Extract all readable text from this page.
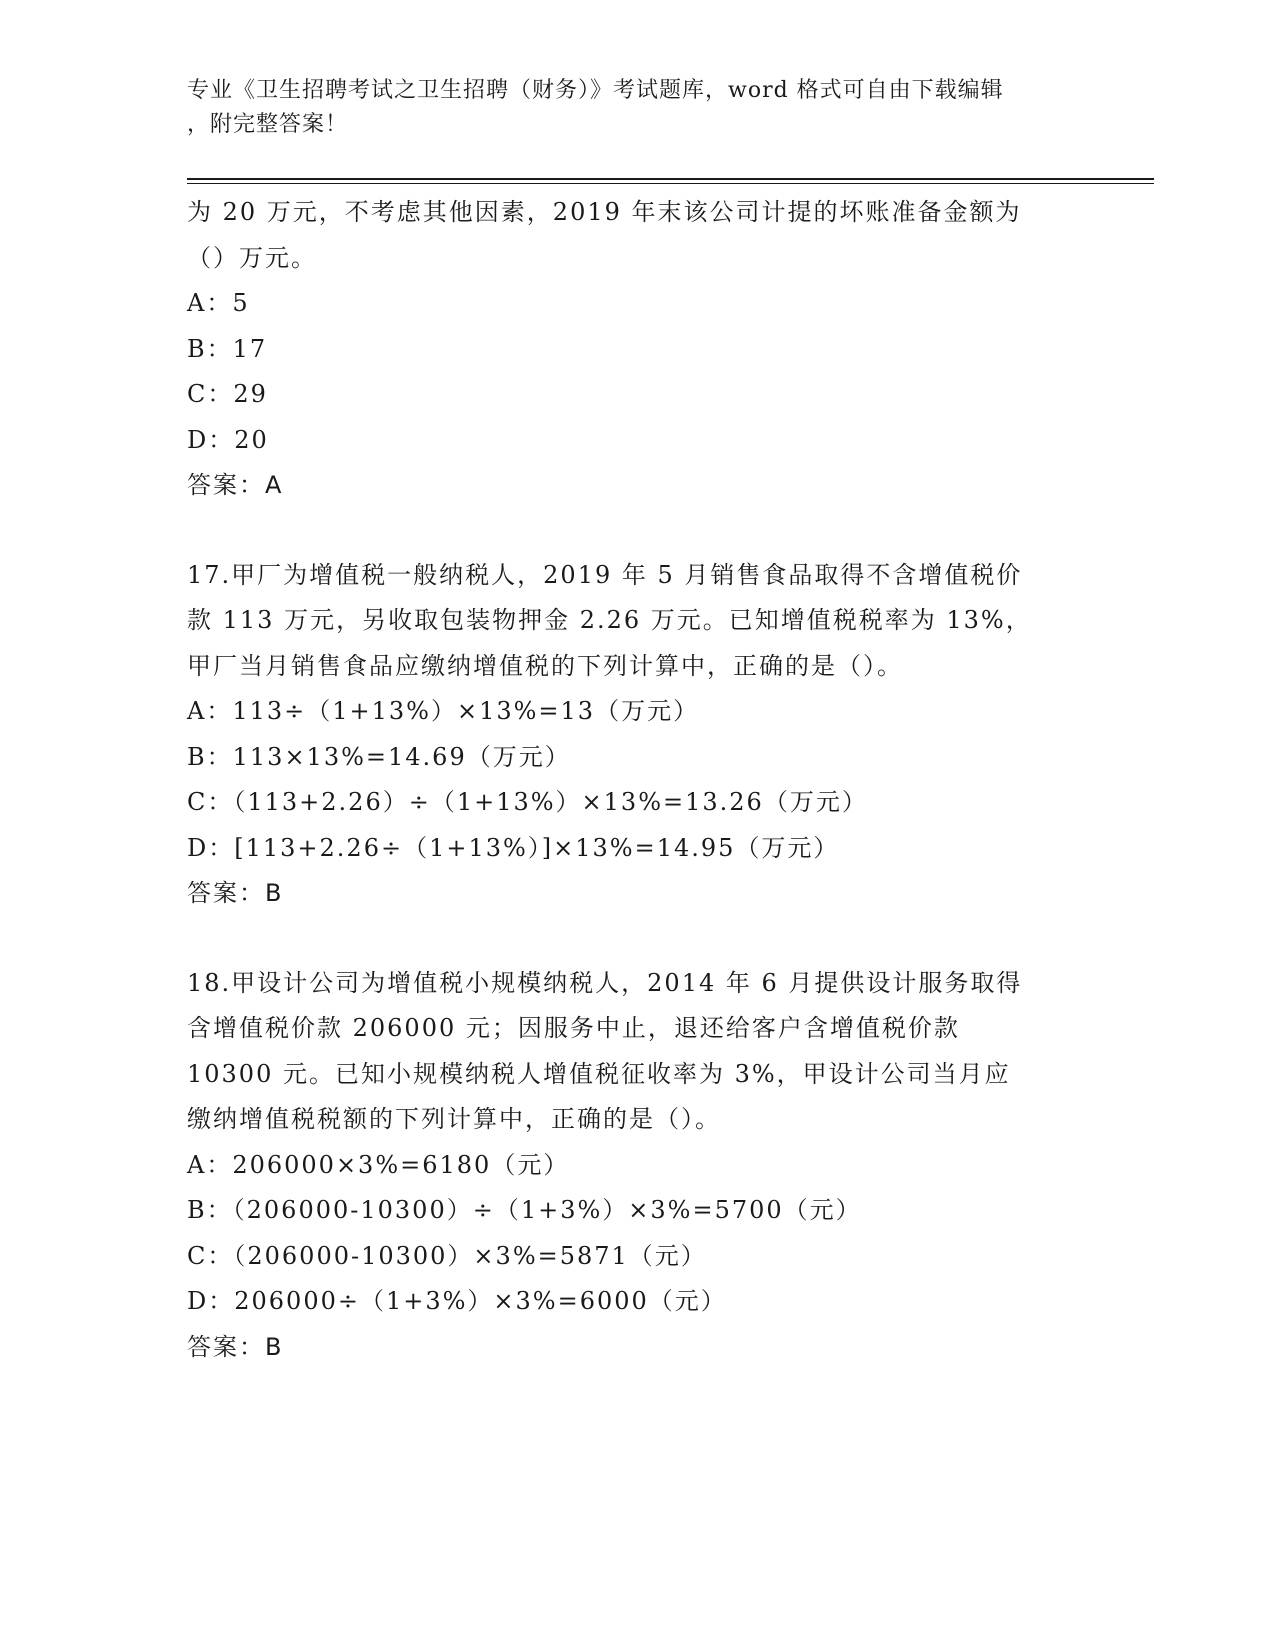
专业《卫生招聘考试之卫生招聘（财务）》考试题库，word 格式可自由下载编辑
，附完整答案！
为 20 万元，不考虑其他因素，2019 年末该公司计提的坏账准备金额为
（）万元。
A：5
B：17
C：29
D：20
答案：A
17.甲厂为增值税一般纳税人，2019 年 5 月销售食品取得不含增值税价
款 113 万元，另收取包装物押金 2.26 万元。已知增值税税率为 13%，
甲厂当月销售食品应缴纳增值税的下列计算中，正确的是（）。
A：113÷（1+13%）×13%=13（万元）
B：113×13%=14.69（万元）
C：（113+2.26）÷（1+13%）×13%=13.26（万元）
D：[113+2.26÷（1+13%）]×13%=14.95（万元）
答案：B
18.甲设计公司为增值税小规模纳税人，2014 年 6 月提供设计服务取得
含增值税价款 206000 元；因服务中止，退还给客户含增值税价款
10300 元。已知小规模纳税人增值税征收率为 3%，甲设计公司当月应
缴纳增值税税额的下列计算中，正确的是（）。
A：206000×3%=6180（元）
B：（206000-10300）÷（1+3%）×3%=5700（元）
C：（206000-10300）×3%=5871（元）
D：206000÷（1+3%）×3%=6000（元）
答案：B
